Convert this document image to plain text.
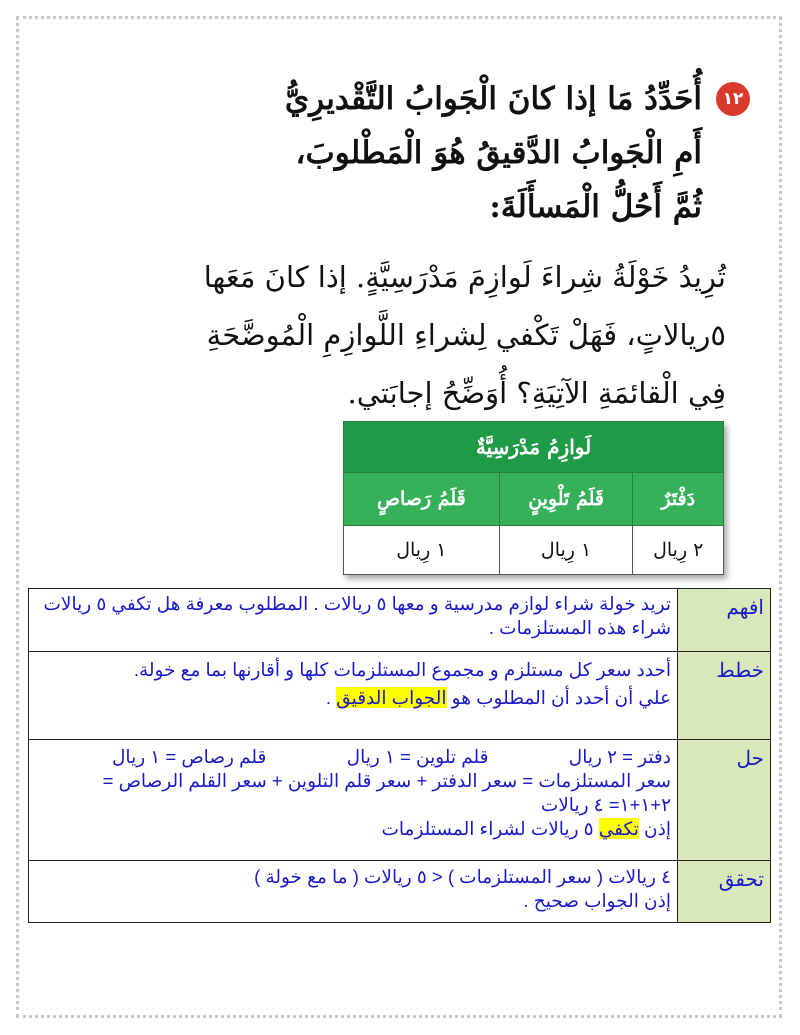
١٢
أُحَدِّدُ مَا إذا كانَ الْجَوابُ التَّقْديرِيُّ أَمِ الْجَوابُ الدَّقيقُ هُوَ الْمَطْلوبَ، ثُمَّ أَحُلُّ الْمَسأَلَةَ:
تُرِيدُ خَوْلَةُ شِراءَ لَوازِمَ مَدْرَسِيَّةٍ. إذا كانَ مَعَها ٥ريالاتٍ، فَهَلْ تَكْفي لِشراءِ اللَّوازِمِ الْمُوضَّحَةِ فِي الْقائمَةِ الآتِيَةِ؟ أُوَضِّحُ إجابَتي.
لَوازِمُ مَدْرَسِيَّةٌ		
دَفْتَرٌ	قَلَمُ تَلْوِينٍ	قَلَمُ رَصاصٍ
٢ رِيال	١ رِيال	١ رِيال
افهم	تريد خولة شراء لوازم مدرسية و معها ٥ ريالات . المطلوب معرفة هل تكفي ٥ ريالات شراء هذه المستلزمات .
خطط	أحدد سعر كل مستلزم و مجموع المستلزمات كلها و أقارنها بما مع خولة.
علي أن أحدد أن المطلوب هو الجواب الدقيق .

حل	دفتر = ٢ ريال  قلم تلوين = ١ ريال  قلم رصاص = ١ ريال
سعر المستلزمات = سعر الدفتر + سعر قلم التلوين + سعر القلم الرصاص =
٢+١+١= ٤ ريالات
إذن تكفي ٥ ريالات لشراء المستلزمات

تحقق	٤ ريالات ( سعر المستلزمات ) < ٥ ريالات ( ما مع خولة )
إذن الجواب صحيح .
